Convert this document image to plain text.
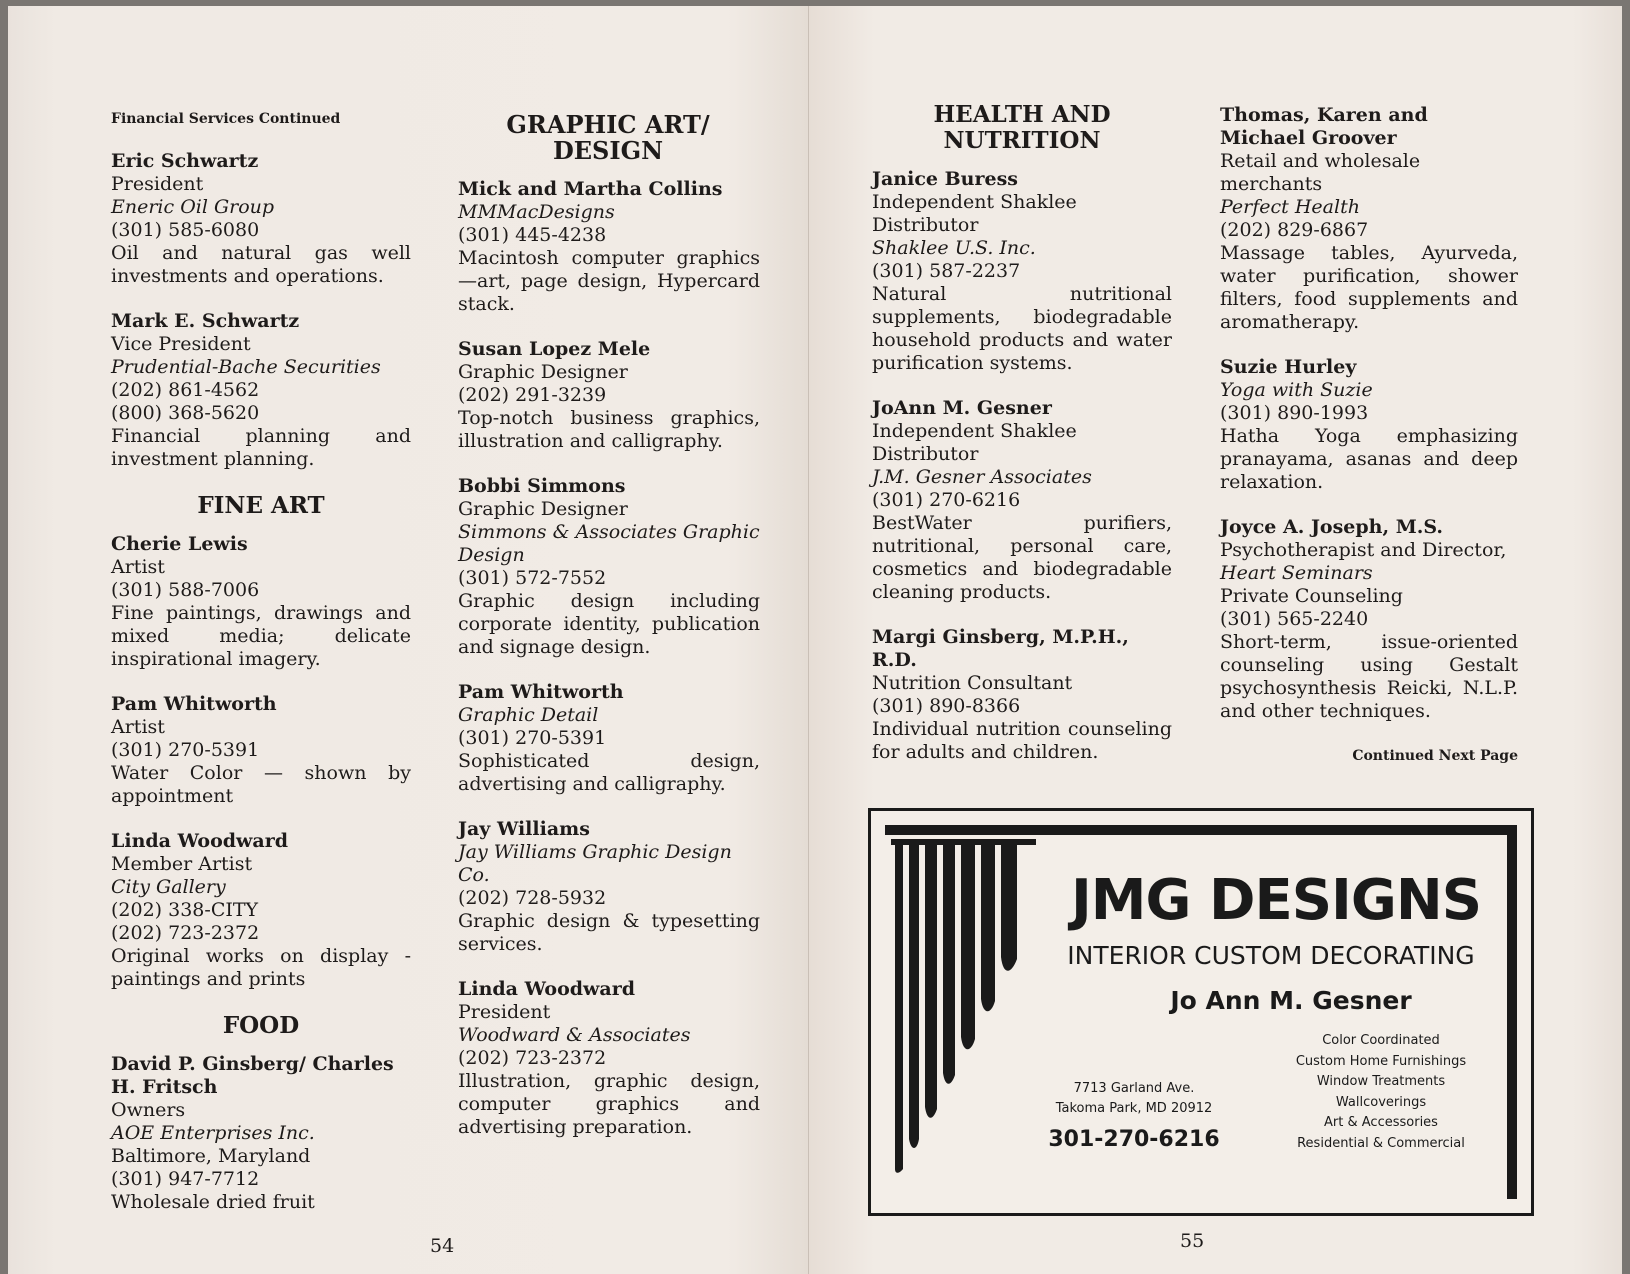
Financial Services Continued

Eric Schwartz

President

Eneric Oil Group

(301) 585-6080

Oil and natural gas well investments and operations.

Mark E. Schwartz

Vice President

Prudential-Bache Securities

(202) 861-4562

(800) 368-5620

Financial planning and investment planning.

FINE ART

Cherie Lewis

Artist

(301) 588-7006

Fine paintings, drawings and mixed media; delicate inspirational imagery.

Pam Whitworth

Artist

(301) 270-5391

Water Color — shown by appointment

Linda Woodward

Member Artist

City Gallery

(202) 338-CITY

(202) 723-2372

Original works on display - paintings and prints

FOOD

David P. Ginsberg/ Charles H. Fritsch

Owners

AOE Enterprises Inc.

Baltimore, Maryland

(301) 947-7712

Wholesale dried fruit

GRAPHIC ART/ DESIGN

Mick and Martha Collins

MMMacDesigns

(301) 445-4238

Macintosh computer graphics—art, page design, Hypercard stack.

Susan Lopez Mele

Graphic Designer

(202) 291-3239

Top-notch business graphics, illustration and calligraphy.

Bobbi Simmons

Graphic Designer

Simmons & Associates Graphic Design

(301) 572-7552

Graphic design including corporate identity, publication and signage design.

Pam Whitworth

Graphic Detail

(301) 270-5391

Sophisticated design, advertising and calligraphy.

Jay Williams

Jay Williams Graphic Design Co.

(202) 728-5932

Graphic design & typesetting services.

Linda Woodward

President

Woodward & Associates

(202) 723-2372

Illustration, graphic design, computer graphics and advertising preparation.

54
HEALTH AND NUTRITION

Janice Buress

Independent Shaklee Distributor

Shaklee U.S. Inc.

(301) 587-2237

Natural nutritional supplements, biodegradable household products and water purification systems.

JoAnn M. Gesner

Independent Shaklee Distributor

J.M. Gesner Associates

(301) 270-6216

BestWater purifiers, nutritional, personal care, cosmetics and biodegradable cleaning products.

Margi Ginsberg, M.P.H., R.D.

Nutrition Consultant

(301) 890-8366

Individual nutrition counseling for adults and children.

Thomas, Karen and Michael Groover

Retail and wholesale merchants

Perfect Health

(202) 829-6867

Massage tables, Ayurveda, water purification, shower filters, food supplements and aromatherapy.

Suzie Hurley

Yoga with Suzie

(301) 890-1993

Hatha Yoga emphasizing pranayama, asanas and deep relaxation.

Joyce A. Joseph, M.S.

Psychotherapist and Director,

Heart Seminars

Private Counseling

(301) 565-2240

Short-term, issue-oriented counseling using Gestalt psychosynthesis Reicki, N.L.P. and other techniques.

Continued Next Page
55
JMG DESIGNS
INTERIOR CUSTOM DECORATING
Jo Ann M. Gesner
7713 Garland Ave.
Takoma Park, MD 20912
301-270-6216
Color Coordinated
Custom Home Furnishings
Window Treatments
Wallcoverings
Art & Accessories
Residential & Commercial
